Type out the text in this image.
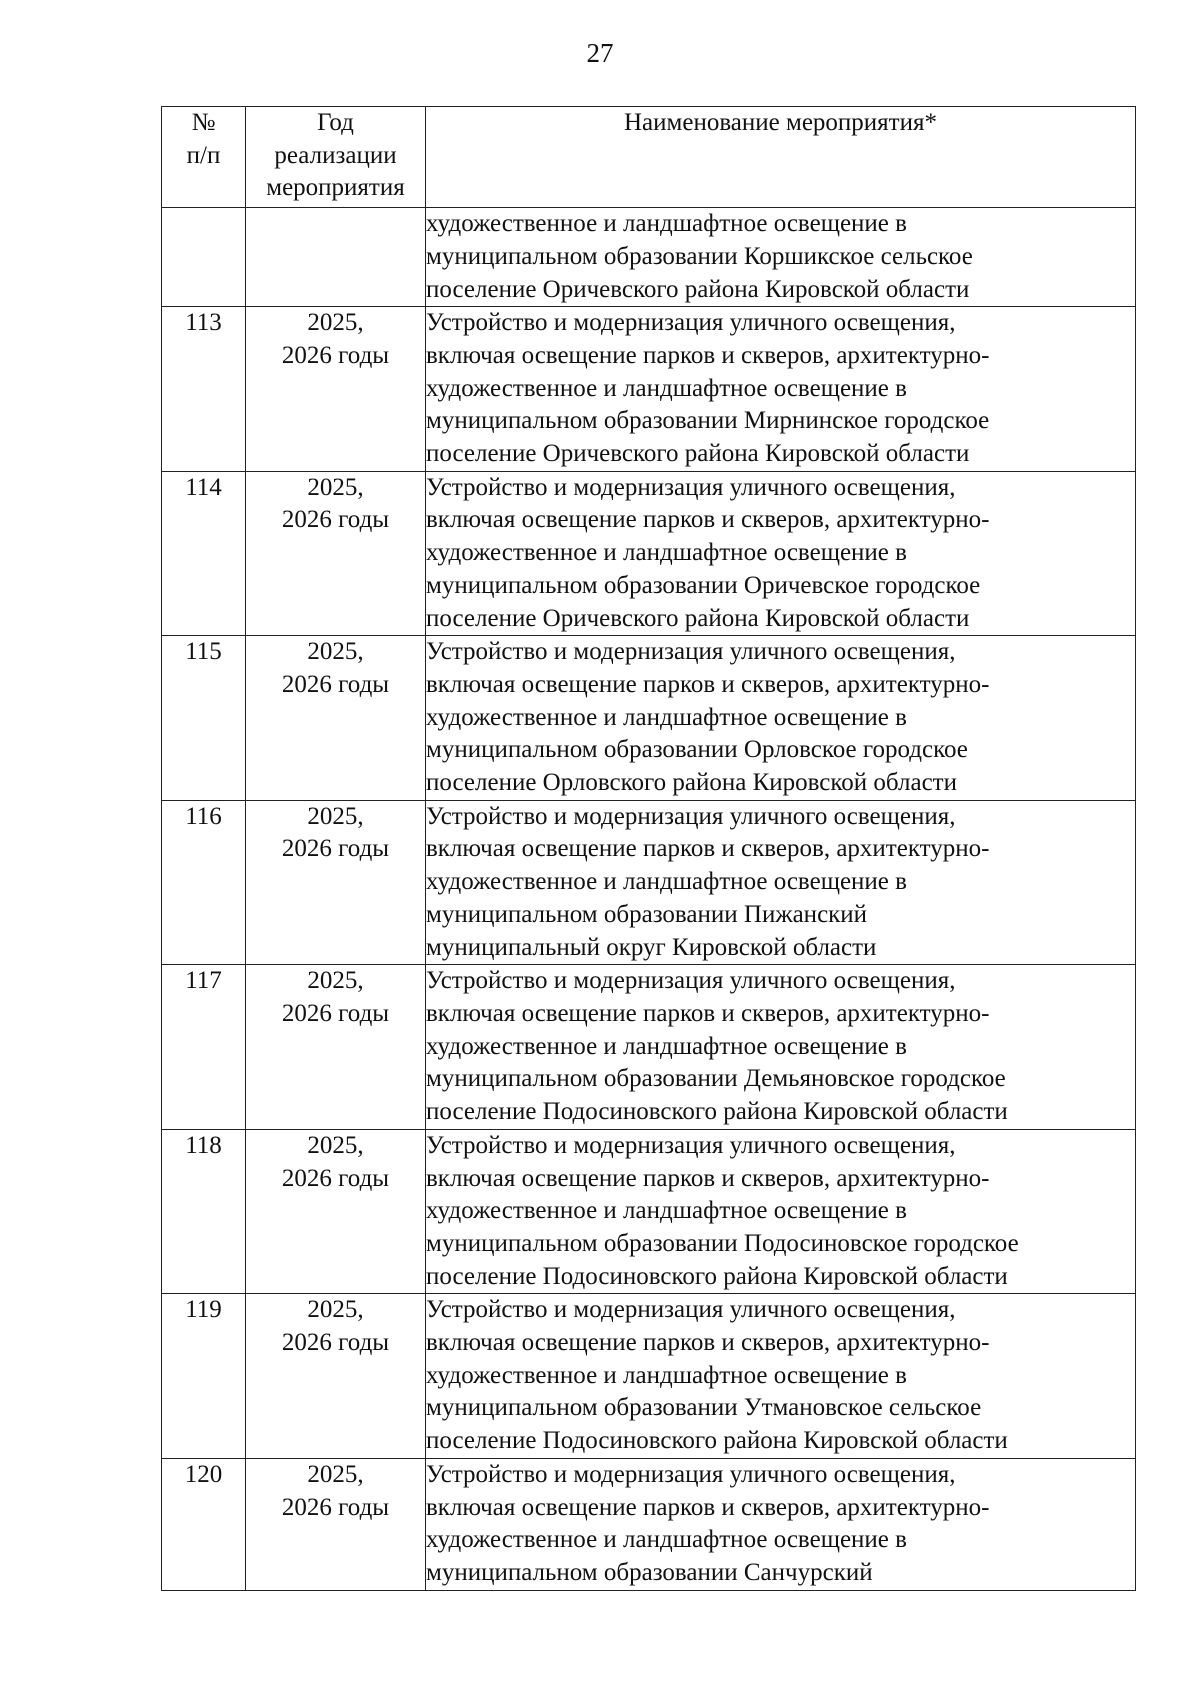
27
№
п/п	Год
реализации
мероприятия	Наименование мероприятия*

		художественное и ландшафтное освещение в
муниципальном образовании Коршикское сельское
поселение Оричевского района Кировской области

113	2025,
2026 годы	Устройство и модернизация уличного освещения,
включая освещение парков и скверов, архитектурно-
художественное и ландшафтное освещение в
муниципальном образовании Мирнинское городское
поселение Оричевского района Кировской области

114	2025,
2026 годы	Устройство и модернизация уличного освещения,
включая освещение парков и скверов, архитектурно-
художественное и ландшафтное освещение в
муниципальном образовании Оричевское городское
поселение Оричевского района Кировской области

115	2025,
2026 годы	Устройство и модернизация уличного освещения,
включая освещение парков и скверов, архитектурно-
художественное и ландшафтное освещение в
муниципальном образовании Орловское городское
поселение Орловского района Кировской области

116	2025,
2026 годы	Устройство и модернизация уличного освещения,
включая освещение парков и скверов, архитектурно-
художественное и ландшафтное освещение в
муниципальном образовании Пижанский
муниципальный округ Кировской области

117	2025,
2026 годы	Устройство и модернизация уличного освещения,
включая освещение парков и скверов, архитектурно-
художественное и ландшафтное освещение в
муниципальном образовании Демьяновское городское
поселение Подосиновского района Кировской области

118	2025,
2026 годы	Устройство и модернизация уличного освещения,
включая освещение парков и скверов, архитектурно-
художественное и ландшафтное освещение в
муниципальном образовании Подосиновское городское
поселение Подосиновского района Кировской области

119	2025,
2026 годы	Устройство и модернизация уличного освещения,
включая освещение парков и скверов, архитектурно-
художественное и ландшафтное освещение в
муниципальном образовании Утмановское сельское
поселение Подосиновского района Кировской области

120	2025,
2026 годы	Устройство и модернизация уличного освещения,
включая освещение парков и скверов, архитектурно-
художественное и ландшафтное освещение в
муниципальном образовании Санчурский
